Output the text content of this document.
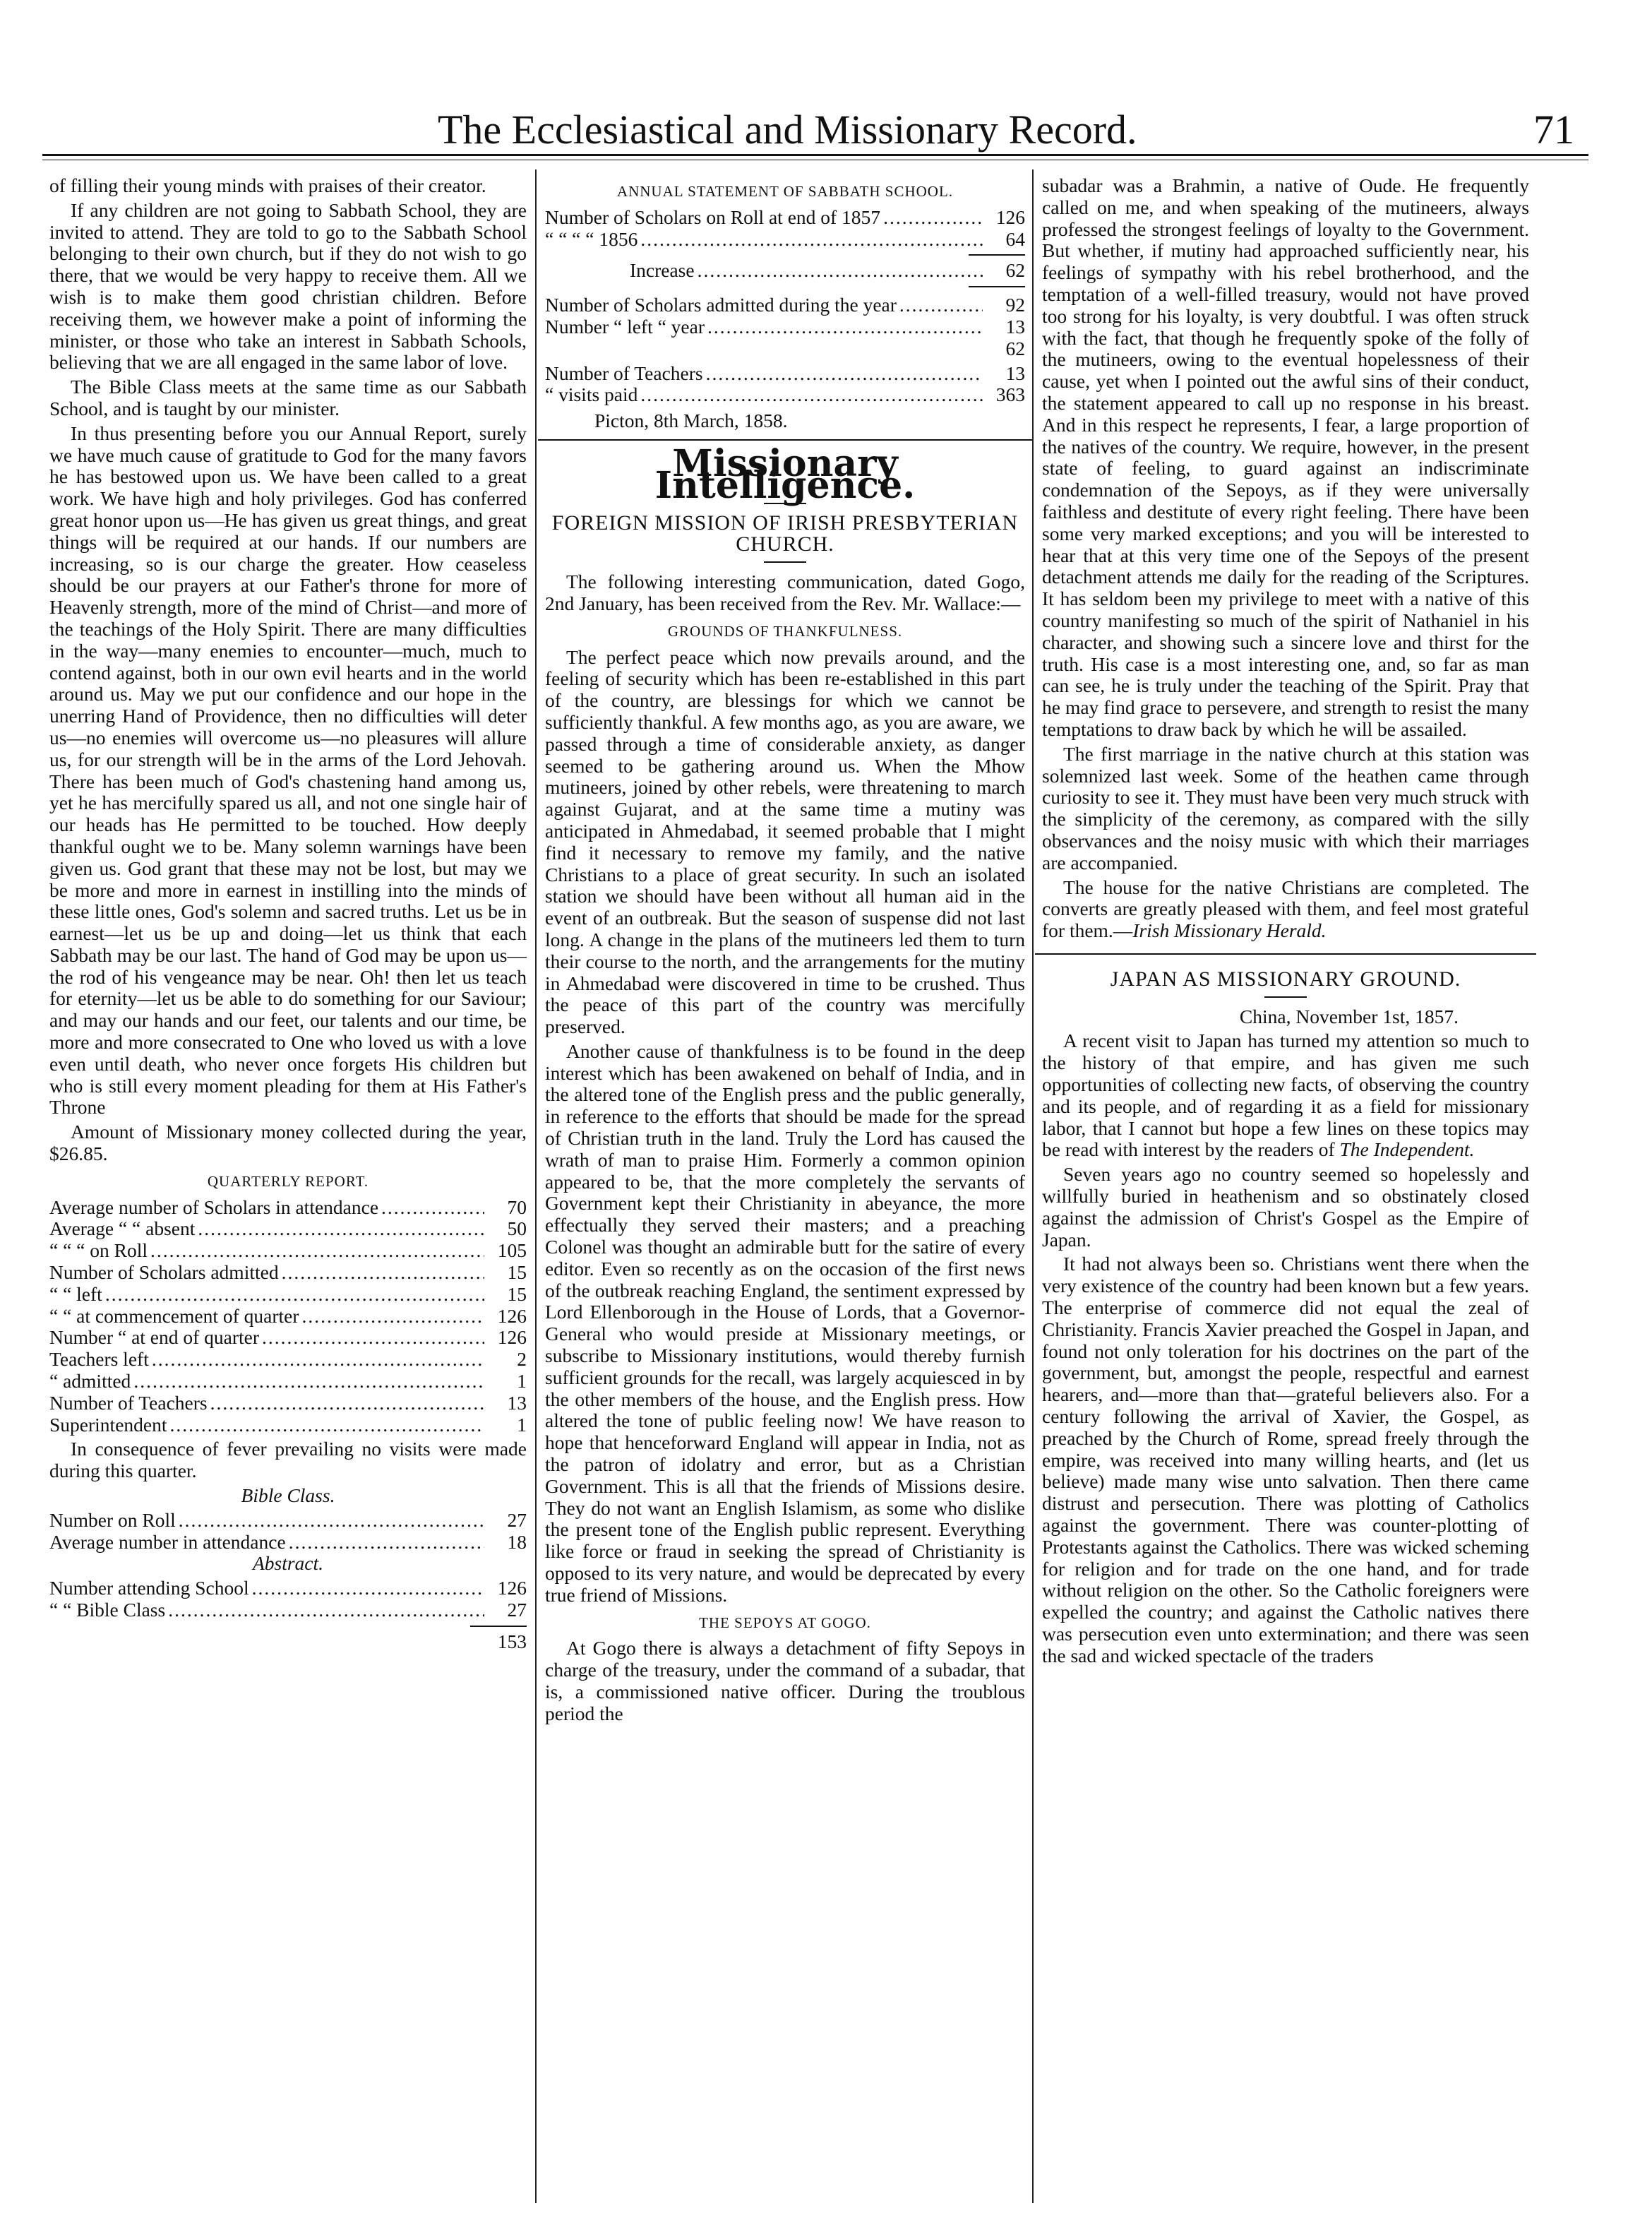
The Ecclesiastical and Missionary Record.	71

of filling their young minds with praises of their creator.

If any children are not going to Sabbath School, they are invited to attend. They are told to go to the Sabbath School belonging to their own church, but if they do not wish to go there, that we would be very happy to receive them. All we wish is to make them good christian children. Before receiving them, we however make a point of informing the minister, or those who take an interest in Sabbath Schools, believing that we are all engaged in the same labor of love.

The Bible Class meets at the same time as our Sabbath School, and is taught by our minister.

In thus presenting before you our Annual Report, surely we have much cause of gratitude to God for the many favors he has bestowed upon us. We have been called to a great work. We have high and holy privileges. God has conferred great honor upon us—He has given us great things, and great things will be required at our hands. If our numbers are increasing, so is our charge the greater. How ceaseless should be our prayers at our Father's throne for more of Heavenly strength, more of the mind of Christ—and more of the teachings of the Holy Spirit. There are many difficulties in the way—many enemies to encounter—much, much to contend against, both in our own evil hearts and in the world around us. May we put our confidence and our hope in the unerring Hand of Providence, then no difficulties will deter us—no enemies will overcome us—no pleasures will allure us, for our strength will be in the arms of the Lord Jehovah. There has been much of God's chastening hand among us, yet he has mercifully spared us all, and not one single hair of our heads has He permitted to be touched. How deeply thankful ought we to be. Many solemn warnings have been given us. God grant that these may not be lost, but may we be more and more in earnest in instilling into the minds of these little ones, God's solemn and sacred truths. Let us be in earnest—let us be up and doing—let us think that each Sabbath may be our last. The hand of God may be upon us—the rod of his vengeance may be near. Oh! then let us teach for eternity—let us be able to do something for our Saviour; and may our hands and our feet, our talents and our time, be more and more consecrated to One who loved us with a love even until death, who never once forgets His children but who is still every moment pleading for them at His Father's Throne

Amount of Missionary money collected during the year, $26.85.

QUARTERLY REPORT.
Average number of Scholars in attendance .....	70
Average “ “ absent .....	50
“ “ “ on Roll .....	105
Number of Scholars admitted .....	15
“ “ left .....	15
“ “ at commencement of quarter .....	126
Number “ at end of quarter .....	126
Teachers left .....	2
“ admitted .....	1
Number of Teachers .....	13
Superintendent .....	1

In consequence of fever prevailing no visits were made during this quarter.

Bible Class.

Number on Roll .....	27
Average number in attendance .....	18

Abstract.

Number attending School .....	126
“ “ Bible Class .....	27
153
ANNUAL STATEMENT OF SABBATH SCHOOL.
Number of Scholars on Roll at end of 1857 .....	126
“ “ “ “ 1856 .....	64
Increase .....	62
Number of Scholars admitted during the year .....	92
Number “ left “ year .....	13
62
Number of Teachers .....	13
“ visits paid .....	363

Picton, 8th March, 1858.

Missionary Intelligence.
FOREIGN MISSION OF IRISH PRESBYTERIAN CHURCH.

The following interesting communication, dated Gogo, 2nd January, has been received from the Rev. Mr. Wallace:—

GROUNDS OF THANKFULNESS.

The perfect peace which now prevails around, and the feeling of security which has been re-established in this part of the country, are blessings for which we cannot be sufficiently thankful. A few months ago, as you are aware, we passed through a time of considerable anxiety, as danger seemed to be gathering around us. When the Mhow mutineers, joined by other rebels, were threatening to march against Gujarat, and at the same time a mutiny was anticipated in Ahmedabad, it seemed probable that I might find it necessary to remove my family, and the native Christians to a place of great security. In such an isolated station we should have been without all human aid in the event of an outbreak. But the season of suspense did not last long. A change in the plans of the mutineers led them to turn their course to the north, and the arrangements for the mutiny in Ahmedabad were discovered in time to be crushed. Thus the peace of this part of the country was mercifully preserved.

Another cause of thankfulness is to be found in the deep interest which has been awakened on behalf of India, and in the altered tone of the English press and the public generally, in reference to the efforts that should be made for the spread of Christian truth in the land. Truly the Lord has caused the wrath of man to praise Him. Formerly a common opinion appeared to be, that the more completely the servants of Government kept their Christianity in abeyance, the more effectually they served their masters; and a preaching Colonel was thought an admirable butt for the satire of every editor. Even so recently as on the occasion of the first news of the outbreak reaching England, the sentiment expressed by Lord Ellenborough in the House of Lords, that a Governor-General who would preside at Missionary meetings, or subscribe to Missionary institutions, would thereby furnish sufficient grounds for the recall, was largely acquiesced in by the other members of the house, and the English press. How altered the tone of public feeling now! We have reason to hope that henceforward England will appear in India, not as the patron of idolatry and error, but as a Christian Government. This is all that the friends of Missions desire. They do not want an English Islamism, as some who dislike the present tone of the English public represent. Everything like force or fraud in seeking the spread of Christianity is opposed to its very nature, and would be deprecated by every true friend of Missions.

THE SEPOYS AT GOGO.

At Gogo there is always a detachment of fifty Sepoys in charge of the treasury, under the command of a subadar, that is, a commissioned native officer. During the troublous period the

subadar was a Brahmin, a native of Oude. He frequently called on me, and when speaking of the mutineers, always professed the strongest feelings of loyalty to the Government. But whether, if mutiny had approached sufficiently near, his feelings of sympathy with his rebel brotherhood, and the temptation of a well-filled treasury, would not have proved too strong for his loyalty, is very doubtful. I was often struck with the fact, that though he frequently spoke of the folly of the mutineers, owing to the eventual hopelessness of their cause, yet when I pointed out the awful sins of their conduct, the statement appeared to call up no response in his breast. And in this respect he represents, I fear, a large proportion of the natives of the country. We require, however, in the present state of feeling, to guard against an indiscriminate condemnation of the Sepoys, as if they were universally faithless and destitute of every right feeling. There have been some very marked exceptions; and you will be interested to hear that at this very time one of the Sepoys of the present detachment attends me daily for the reading of the Scriptures. It has seldom been my privilege to meet with a native of this country manifesting so much of the spirit of Nathaniel in his character, and showing such a sincere love and thirst for the truth. His case is a most interesting one, and, so far as man can see, he is truly under the teaching of the Spirit. Pray that he may find grace to persevere, and strength to resist the many temptations to draw back by which he will be assailed.

The first marriage in the native church at this station was solemnized last week. Some of the heathen came through curiosity to see it. They must have been very much struck with the simplicity of the ceremony, as compared with the silly observances and the noisy music with which their marriages are accompanied.

The house for the native Christians are completed. The converts are greatly pleased with them, and feel most grateful for them.—Irish Missionary Herald.

JAPAN AS MISSIONARY GROUND.

China, November 1st, 1857.

A recent visit to Japan has turned my attention so much to the history of that empire, and has given me such opportunities of collecting new facts, of observing the country and its people, and of regarding it as a field for missionary labor, that I cannot but hope a few lines on these topics may be read with interest by the readers of The Independent.

Seven years ago no country seemed so hopelessly and willfully buried in heathenism and so obstinately closed against the admission of Christ's Gospel as the Empire of Japan.

It had not always been so. Christians went there when the very existence of the country had been known but a few years. The enterprise of commerce did not equal the zeal of Christianity. Francis Xavier preached the Gospel in Japan, and found not only toleration for his doctrines on the part of the government, but, amongst the people, respectful and earnest hearers, and—more than that—grateful believers also. For a century following the arrival of Xavier, the Gospel, as preached by the Church of Rome, spread freely through the empire, was received into many willing hearts, and (let us believe) made many wise unto salvation. Then there came distrust and persecution. There was plotting of Catholics against the government. There was counter-plotting of Protestants against the Catholics. There was wicked scheming for religion and for trade on the one hand, and for trade without religion on the other. So the Catholic foreigners were expelled the country; and against the Catholic natives there was persecution even unto extermination; and there was seen the sad and wicked spectacle of the traders
